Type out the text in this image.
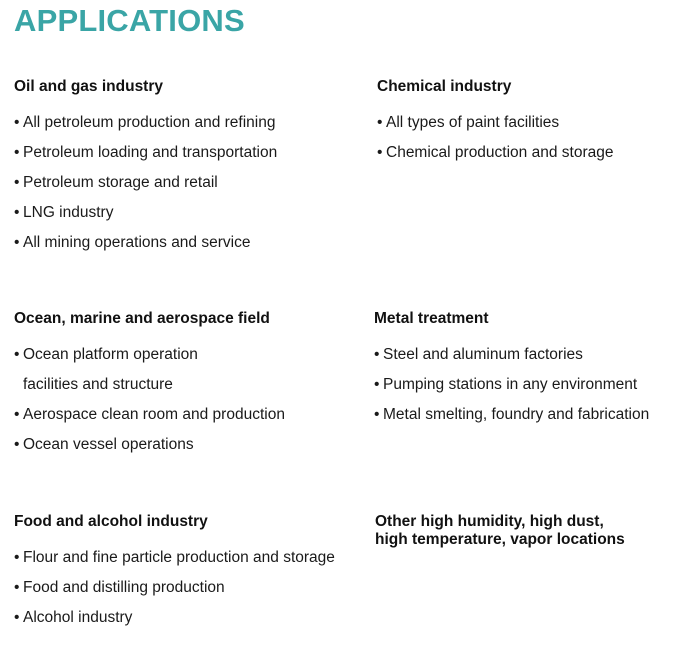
APPLICATIONS
Oil and gas industry
• All petroleum production and refining
• Petroleum loading and transportation
• Petroleum storage and retail
• LNG industry
• All mining operations and service
Chemical industry
• All types of paint facilities
• Chemical production and storage
Ocean, marine and aerospace field
• Ocean platform operation
facilities and structure
• Aerospace clean room and production
• Ocean vessel operations
Metal treatment
• Steel and aluminum factories
• Pumping stations in any environment
• Metal smelting, foundry and fabrication
Food and alcohol industry
• Flour and fine particle production and storage
• Food and distilling production
• Alcohol industry
Other high humidity, high dust,
high temperature, vapor locations
